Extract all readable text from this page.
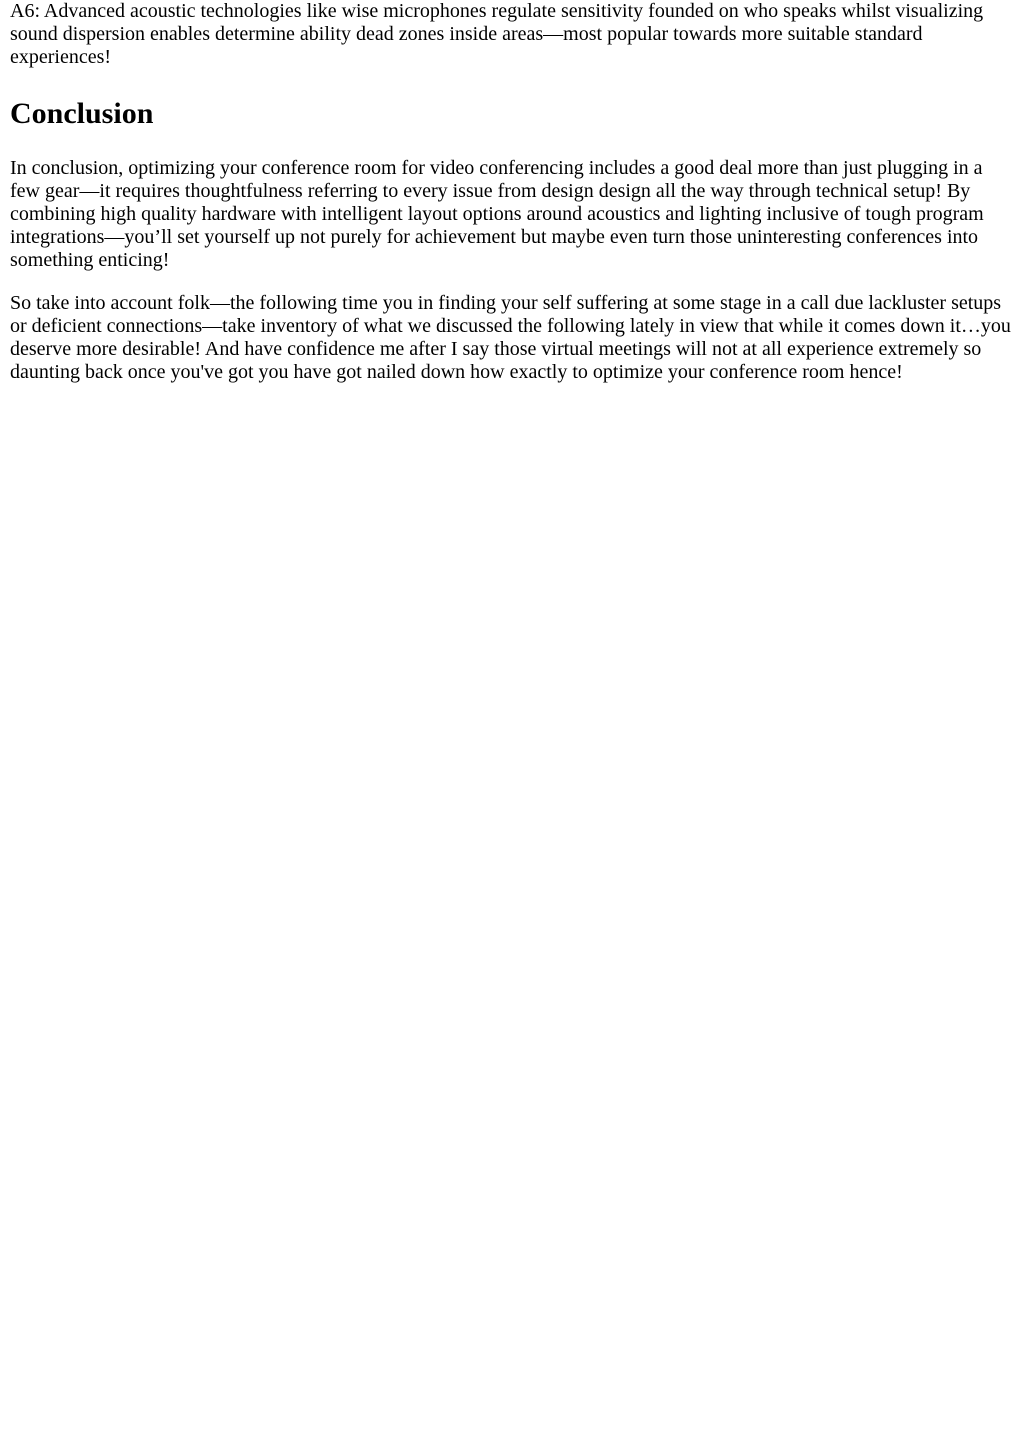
A6: Advanced acoustic technologies like wise microphones regulate sensitivity founded on who speaks whilst visualizing sound dispersion enables determine ability dead zones inside areas—most popular towards more suitable standard experiences!

Conclusion

In conclusion, optimizing your conference room for video conferencing includes a good deal more than just plugging in a few gear—it requires thoughtfulness referring to every issue from design design all the way through technical setup! By combining high quality hardware with intelligent layout options around acoustics and lighting inclusive of tough program integrations—you’ll set yourself up not purely for achievement but maybe even turn those uninteresting conferences into something enticing!

So take into account folk—the following time you in finding your self suffering at some stage in a call due lackluster setups or deficient connections—take inventory of what we discussed the following lately in view that while it comes down it…you deserve more desirable! And have confidence me after I say those virtual meetings will not at all experience extremely so daunting back once you've got you have got nailed down how exactly to optimize your conference room hence!
